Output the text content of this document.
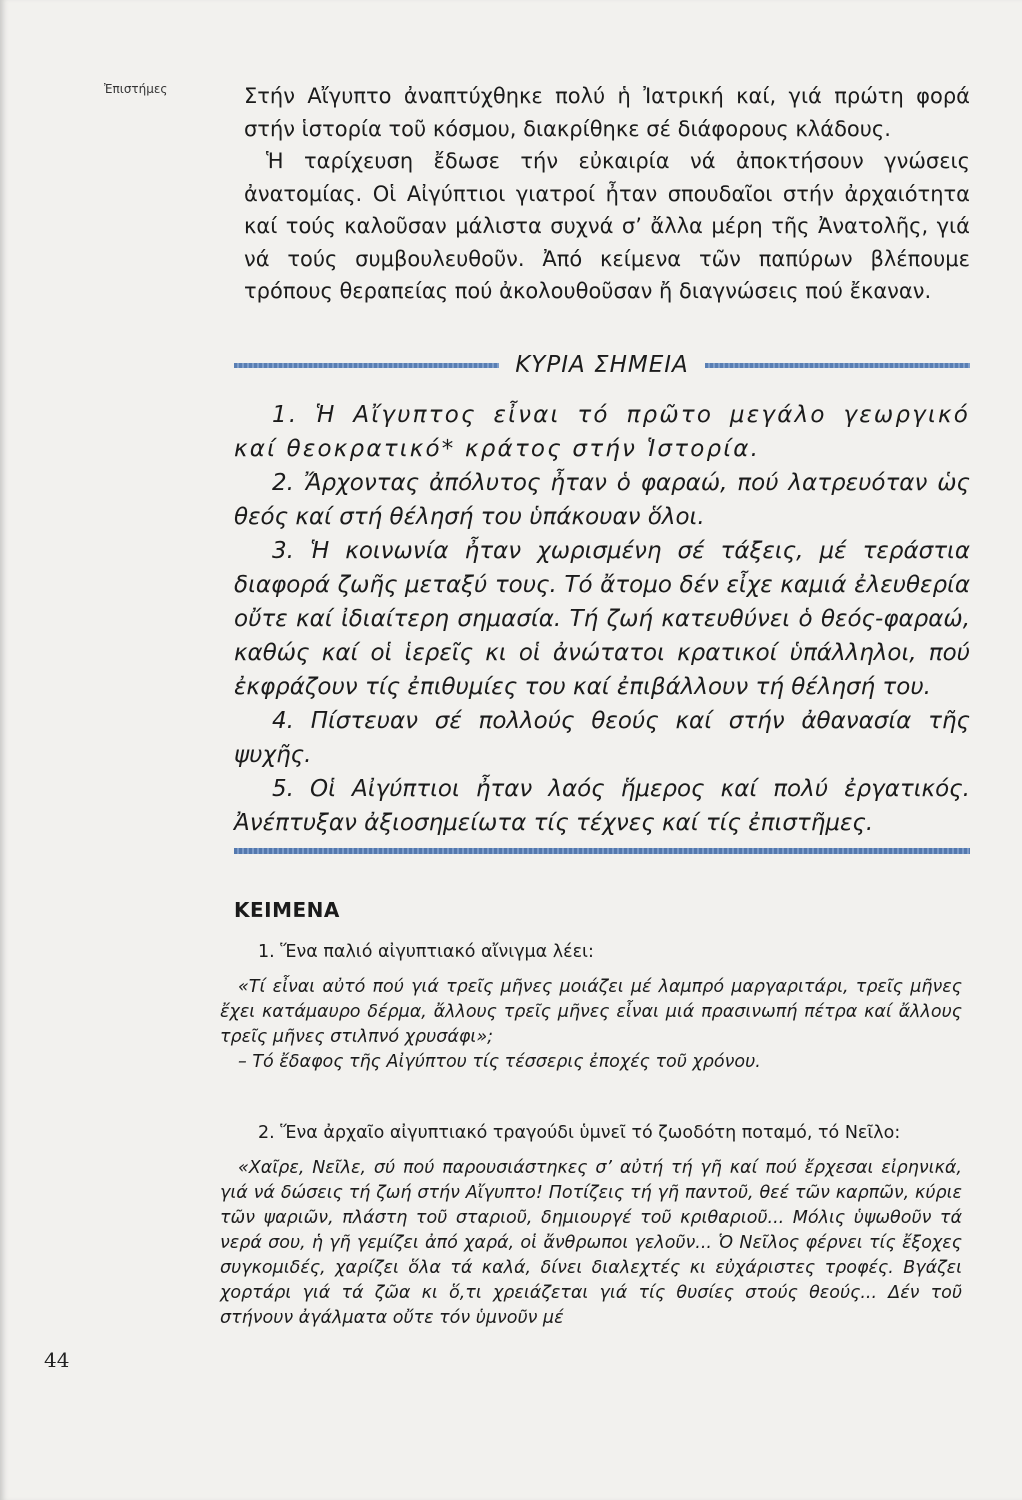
Ἐπιστήμες	Στήν Αἴγυπτο ἀναπτύχθηκε πολύ ἡ Ἰατρική καί, γιά πρώτη φορά στήν ἱστορία τοῦ κόσμου, διακρίθηκε σέ διάφορους κλάδους.

Ἡ ταρίχευση ἔδωσε τήν εὐκαιρία νά ἀποκτήσουν γνώσεις ἀνατομίας. Οἱ Αἰγύπτιοι γιατροί ἦταν σπουδαῖοι στήν ἀρχαιότητα καί τούς καλοῦσαν μάλιστα συχνά σ’ ἄλλα μέρη τῆς Ἀνατολῆς, γιά νά τούς συμβουλευθοῦν. Ἀπό κείμενα τῶν παπύρων βλέπουμε τρόπους θεραπείας πού ἀκολουθοῦσαν ἤ διαγνώσεις πού ἔκαναν.

ΚΥΡΙΑ ΣΗΜΕΙΑ

1. Ἡ Αἴγυπτος εἶναι τό πρῶτο μεγάλο γεωργικό καί θεοκρατικό* κράτος στήν Ἱστορία.

2. Ἄρχοντας ἀπόλυτος ἦταν ὁ φαραώ, πού λατρευόταν ὡς θεός καί στή θέλησή του ὑπάκουαν ὅλοι.

3. Ἡ κοινωνία ἦταν χωρισμένη σέ τάξεις, μέ τεράστια διαφορά ζωῆς μεταξύ τους. Τό ἄτομο δέν εἶχε καμιά ἐλευθερία οὔτε καί ἰδιαίτερη σημασία. Τή ζωή κατευθύνει ὁ θεός-φαραώ, καθώς καί οἱ ἱερεῖς κι οἱ ἀνώτατοι κρατικοί ὑπάλληλοι, πού ἐκφράζουν τίς ἐπιθυμίες του καί ἐπιβάλλουν τή θέλησή του.

4. Πίστευαν σέ πολλούς θεούς καί στήν ἀθανασία τῆς ψυχῆς.

5. Οἱ Αἰγύπτιοι ἦταν λαός ἥμερος καί πολύ ἐργατικός. Ἀνέπτυξαν ἀξιοσημείωτα τίς τέχνες καί τίς ἐπιστῆμες.

ΚΕΙΜΕΝΑ

1. Ἕνα παλιό αἰγυπτιακό αἴνιγμα λέει:

«Τί εἶναι αὐτό πού γιά τρεῖς μῆνες μοιάζει μέ λαμπρό μαργαριτάρι, τρεῖς μῆνες ἔχει κατάμαυρο δέρμα, ἄλλους τρεῖς μῆνες εἶναι μιά πρασινωπή πέτρα καί ἄλλους τρεῖς μῆνες στιλπνό χρυσάφι»;

– Τό ἔδαφος τῆς Αἰγύπτου τίς τέσσερις ἐποχές τοῦ χρόνου.

2. Ἕνα ἀρχαῖο αἰγυπτιακό τραγούδι ὑμνεῖ τό ζωοδότη ποταμό, τό Νεῖλο:

«Χαῖρε, Νεῖλε, σύ πού παρουσιάστηκες σ’ αὐτή τή γῆ καί πού ἔρχεσαι εἰρηνικά, γιά νά δώσεις τή ζωή στήν Αἴγυπτο! Ποτίζεις τή γῆ παντοῦ, θεέ τῶν καρπῶν, κύριε τῶν ψαριῶν, πλάστη τοῦ σταριοῦ, δημιουργέ τοῦ κριθαριοῦ... Μόλις ὑψωθοῦν τά νερά σου, ἡ γῆ γεμίζει ἀπό χαρά, οἱ ἄνθρωποι γελοῦν... Ὁ Νεῖλος φέρνει τίς ἔξοχες συγκομιδές, χαρίζει ὅλα τά καλά, δίνει διαλεχτές κι εὐχάριστες τροφές. Βγάζει χορτάρι γιά τά ζῶα κι ὅ,τι χρειάζεται γιά τίς θυσίες στούς θεούς... Δέν τοῦ στήνουν ἀγάλματα οὔτε τόν ὑμνοῦν μέ

44
